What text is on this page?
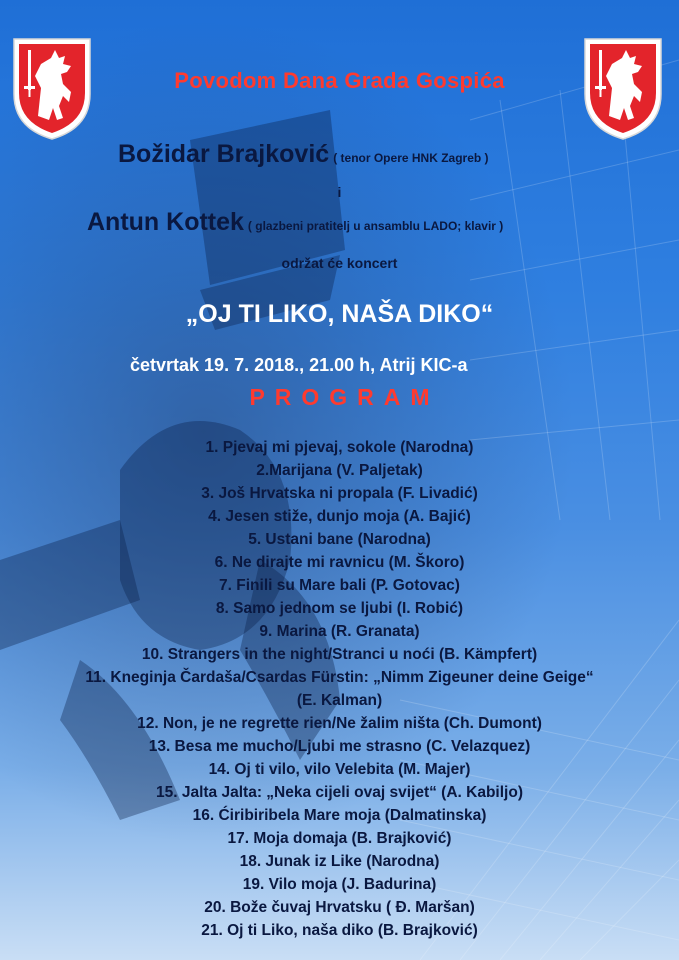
Povodom Dana Grada Gospića
Božidar Brajković ( tenor Opere HNK Zagreb )
i
Antun Kottek ( glazbeni pratitelj u ansamblu LADO; klavir )
održat će koncert
„OJ TI LIKO, NAŠA DIKO“
četvrtak 19. 7. 2018., 21.00 h, Atrij KIC-a
PROGRAM
1. Pjevaj mi pjevaj, sokole (Narodna)
2.Marijana (V. Paljetak)
3. Još Hrvatska ni propala (F. Livadić)
4. Jesen stiže, dunjo moja (A. Bajić)
5. Ustani bane (Narodna)
6. Ne dirajte mi ravnicu (M. Škoro)
7. Finili su Mare bali (P. Gotovac)
8. Samo jednom se ljubi (I. Robić)
9. Marina (R. Granata)
10. Strangers in the night/Stranci u noći (B. Kämpfert)
11. Kneginja Čardaša/Csardas Fürstin: „Nimm Zigeuner deine Geige“
(E. Kalman)
12. Non, je ne regrette rien/Ne žalim ništa (Ch. Dumont)
13. Besa me mucho/Ljubi me strasno (C. Velazquez)
14. Oj ti vilo, vilo Velebita (M. Majer)
15. Jalta Jalta: „Neka cijeli ovaj svijet“ (A. Kabiljo)
16. Ćiribiribela Mare moja (Dalmatinska)
17. Moja domaja (B. Brajković)
18. Junak iz Like (Narodna)
19. Vilo moja (J. Badurina)
20. Bože čuvaj Hrvatsku ( Đ. Maršan)
21. Oj ti Liko, naša diko (B. Brajković)
